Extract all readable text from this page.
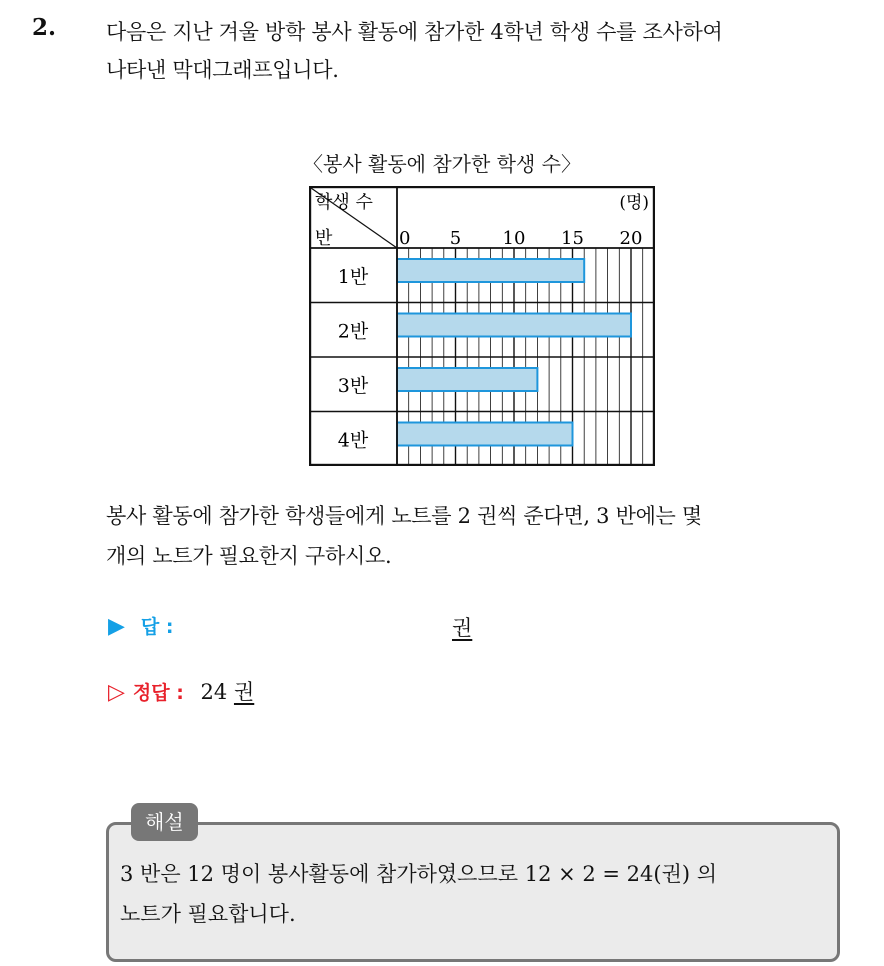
2. 다음은 지난 겨울 방학 봉사 활동에 참가한 4학년 학생 수를 조사하여
나타낸 막대그래프입니다.
〈봉사 활동에 참가한 학생 수〉
학생 수
반
(명)
0 5 10 15 20
1반
2반
3반
4반
봉사 활동에 참가한 학생들에게 노트를 2 권씩 준다면, 3 반에는 몇
개의 노트가 필요한지 구하시오.
▶ 답 :	권
▷ 정답 : 24 권
해설
3 반은 12 명이 봉사활동에 참가하였으므로 12 × 2 = 24(권) 의
노트가 필요합니다.
